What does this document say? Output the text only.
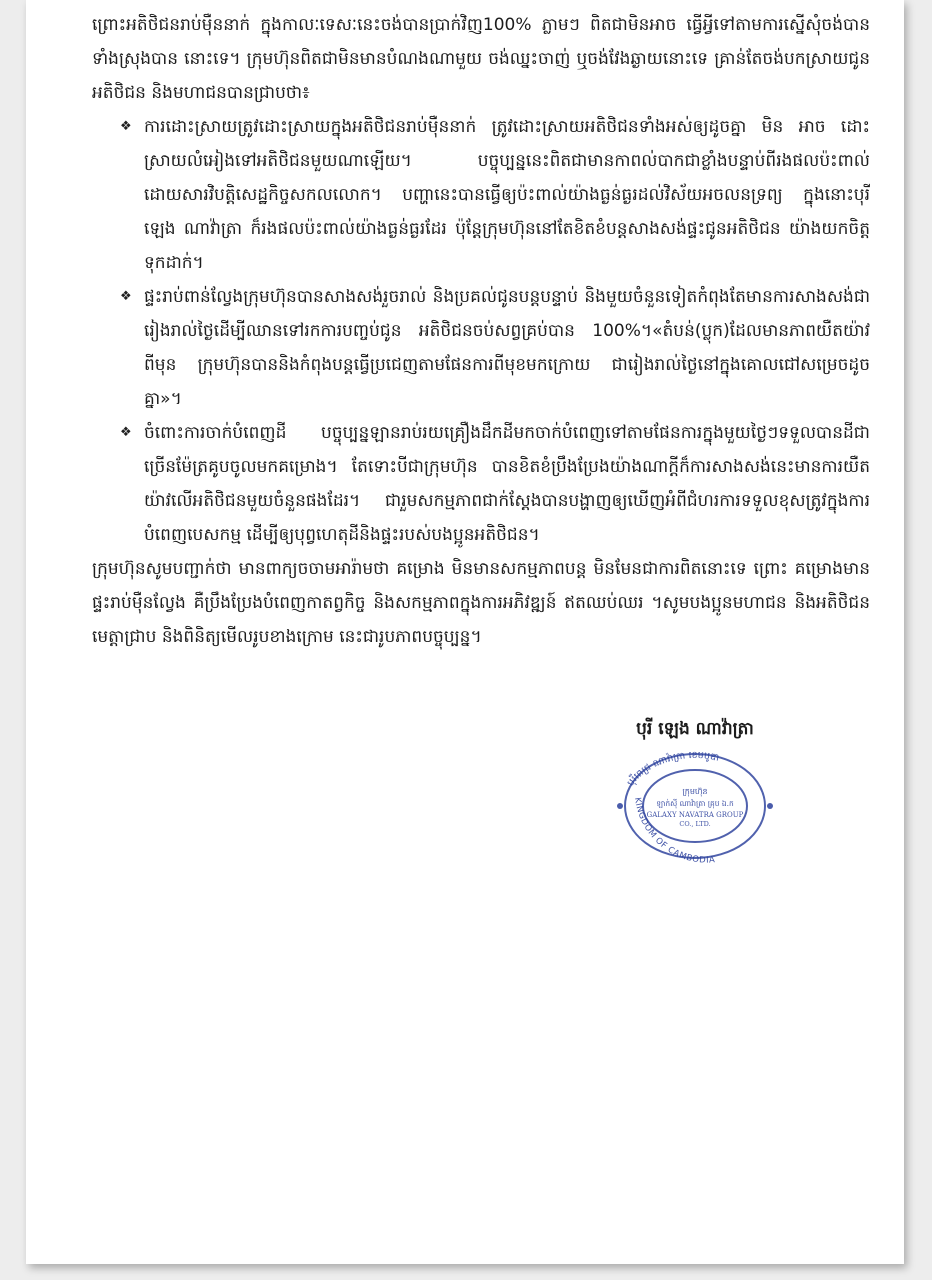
ព្រោះអតិថិជនរាប់ម៉ឺននាក់ ក្នុងកាលៈទេសៈនេះចង់បានប្រាក់វិញ100% ភ្លាមៗ ពិតជាមិនអាច ធ្វើអ្វីទៅតាមការស្នើសុំចង់បានទាំងស្រុងបាន នោះទេ។ ក្រុមហ៊ុនពិតជាមិនមានបំណងណាមួយ ចង់ឈ្នះចាញ់ ឬចង់វែងឆ្ងាយនោះទេ គ្រាន់តែចង់បកស្រាយជូនអតិថិជន និងមហាជនបានជ្រាបថា៖

❖ ការដោះស្រាយត្រូវដោះស្រាយក្នុងអតិថិជនរាប់ម៉ឺននាក់ ត្រូវដោះស្រាយអតិថិជនទាំងអស់ឲ្យដូចគ្នា មិន អាច ដោះស្រាយលំអៀងទៅអតិថិជនមួយណាឡើយ។ បច្ចុប្បន្ននេះពិតជាមានកាពល់បាកជាខ្លាំងបន្ទាប់ពីរងផលប៉ះពាល់ដោយសារវិបត្តិសេដ្ឋកិច្ចសកលលោក។ បញ្ហានេះបានធ្វើឲ្យប៉ះពាល់យ៉ាងធ្ងន់ធ្ងរដល់វិស័យអចលនទ្រព្យ ក្នុងនោះបុរី ឡេង ណាវ៉ាត្រា ក៏រងផលប៉ះពាល់យ៉ាងធ្ងន់ធ្ងរដែរ ប៉ុន្តែក្រុមហ៊ុននៅតែខិតខំបន្តសាងសង់ផ្ទះជូនអតិថិជន យ៉ាងយកចិត្តទុកដាក់។
❖ ផ្ទះរាប់ពាន់ល្វែងក្រុមហ៊ុនបានសាងសង់រួចរាល់ និងប្រគល់ជូនបន្តបន្ទាប់ និងមួយចំនួនទៀតកំពុងតែមានការសាងសង់ជារៀងរាល់ថ្ងៃដើម្បីឈានទៅរកការបញ្ចប់ជូន អតិថិជនចប់សព្វគ្រប់បាន 100%។«តំបន់(ប្លុក)ដែលមានភាពយឺតយ៉ាវពីមុន ក្រុមហ៊ុនបាននិងកំពុងបន្តធ្វើប្រជេញតាមផែនការពីមុខមកក្រោយ ជារៀងរាល់ថ្ងៃនៅក្នុងគោលជៅសម្រេចដូចគ្នា»។
❖ ចំពោះការចាក់បំពេញដី បច្ចុប្បន្នឡានរាប់រយគ្រឿងដឹកដីមកចាក់បំពេញទៅតាមផែនការក្នុងមួយថ្ងៃៗទទួលបានដីជាច្រើនម៉ែត្រគូបចូលមកគម្រោង។ តែទោះបីជាក្រុមហ៊ុន បានខិតខំប្រឹងប្រែងយ៉ាងណាក្តីក៏ការសាងសង់នេះមានការយឺតយ៉ាវលើអតិថិជនមួយចំនួនផងដែរ។ ជារួមសកម្មភាពជាក់ស្តែងបានបង្ហាញឲ្យឃើញអំពីជំហរការទទួលខុសត្រូវក្នុងការបំពេញបេសកម្ម ដើម្បីឲ្យបុព្វហេតុដីនិងផ្ទះរបស់បងប្អូនអតិថិជន។

ក្រុមហ៊ុនសូមបញ្ជាក់ថា មានពាក្យចចាមអារ៉ាមថា គម្រោង មិនមានសកម្មភាពបន្ត មិនមែនជាការពិតនោះទេ ព្រោះ គម្រោងមានផ្ទះរាប់ម៉ឺនល្វែង គឺប្រឹងប្រែងបំពេញកាតព្វកិច្ច និងសកម្មភាពក្នុងការអភិវឌ្ឍន៍ ឥតឈប់ឈរ ។សូមបងប្អូនមហាជន និងអតិថិជនមេត្តាជ្រាប និងពិនិត្យមើលរូបខាងក្រោម នេះជារូបភាពបច្ចុប្បន្ន។

បុរី ឡេង ណាវ៉ាត្រា
បុរីពេជ្រ ណាវ៉ាត្រា ខេមបូឌា
KINGDOM OF CAMBODIA
ក្រុមហ៊ុន
ឡាក់ស៊ី ណាវ៉ាត្រា គ្រុប ឯ.ក
GALAXY NAVATRA GROUP
CO., LTD.
